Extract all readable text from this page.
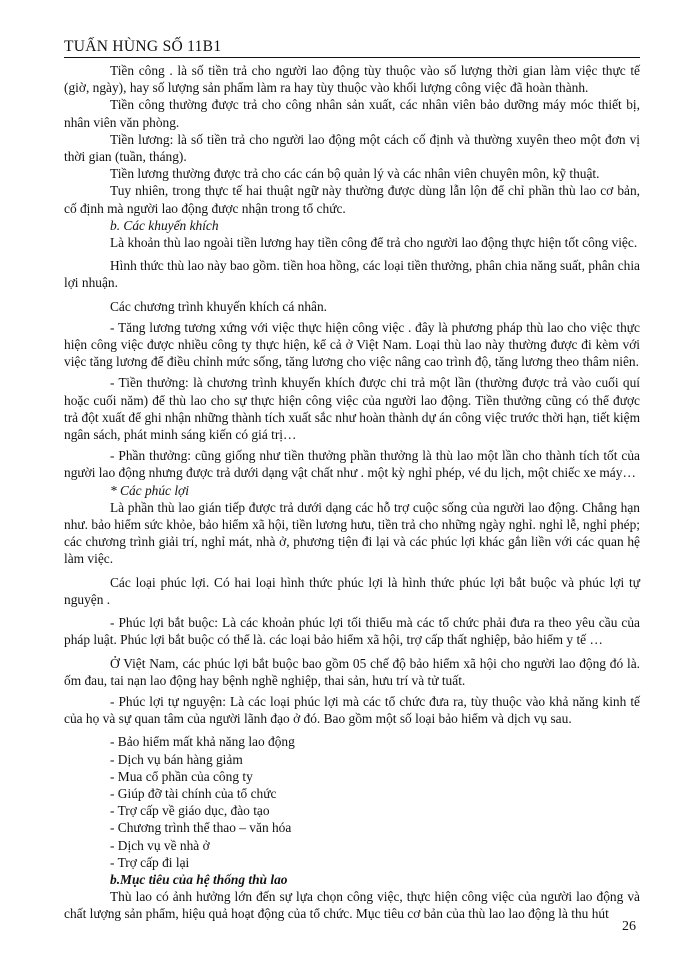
TUẤN HÙNG SỐ 11B1

Tiền công . là số tiền trả cho người lao động tùy thuộc vào số lượng thời gian làm việc thực tế (giờ, ngày), hay số lượng sản phẩm làm ra hay tùy thuộc vào khối lượng công việc đã hoàn thành.

Tiền công thường được trả cho công nhân sản xuất, các nhân viên bảo dưỡng máy móc thiết bị, nhân viên văn phòng.

Tiền lương: là số tiền trả cho người lao động một cách cố định và thường xuyên theo một đơn vị thời gian (tuần, tháng).

Tiền lương thường được trả cho các cán bộ quản lý và các nhân viên chuyên môn, kỹ thuật.

Tuy nhiên, trong thực tế hai thuật ngữ này thường được dùng lẫn lộn để chỉ phần thù lao cơ bản, cố định mà người lao động được nhận trong tổ chức.

b. Các khuyến khích

Là khoản thù lao ngoài tiền lương hay tiền công để trả cho người lao động thực hiện tốt công việc.

Hình thức thù lao này bao gồm. tiền hoa hồng, các loại tiền thưởng, phân chia năng suất, phân chia lợi nhuận.

Các chương trình khuyến khích cá nhân.

- Tăng lương tương xứng với việc thực hiện công việc . đây là phương pháp thù lao cho việc thực hiện công việc được nhiều công ty thực hiện, kể cả ở Việt Nam. Loại thù lao này thường được đi kèm với việc tăng lương để điều chỉnh mức sống, tăng lương cho việc nâng cao trình độ, tăng lương theo thâm niên.

- Tiền thưởng: là chương trình khuyến khích được chi trả một lần (thường được trả vào cuối quí hoặc cuối năm) để thù lao cho sự thực hiện công việc của người lao động. Tiền thưởng cũng có thể được trả đột xuất để ghi nhận những thành tích xuất sắc như hoàn thành dự án công việc trước thời hạn, tiết kiệm ngân sách, phát minh sáng kiến có giá trị…

- Phần thưởng: cũng giống như tiền thưởng phần thưởng là thù lao một lần cho thành tích tốt của người lao động nhưng được trả dưới dạng vật chất như . một kỳ nghỉ phép, vé du lịch, một chiếc xe máy…

* Các phúc lợi

Là phần thù lao gián tiếp được trả dưới dạng các hỗ trợ cuộc sống của người lao động. Chẳng hạn như. bảo hiểm sức khỏe, bảo hiểm xã hội, tiền lương hưu, tiền trả cho những ngày nghỉ. nghỉ lễ, nghỉ phép; các chương trình giải trí, nghỉ mát, nhà ở, phương tiện đi lại và các phúc lợi khác gắn liền với các quan hệ làm việc.

Các loại phúc lợi. Có hai loại hình thức phúc lợi là hình thức phúc lợi bắt buộc và phúc lợi tự nguyện .

- Phúc lợi bắt buộc: Là các khoản phúc lợi tối thiểu mà các tổ chức phải đưa ra theo yêu cầu của pháp luật. Phúc lợi bắt buộc có thể là. các loại bảo hiểm xã hội, trợ cấp thất nghiệp, bảo hiểm y tế …

Ở Việt Nam, các phúc lợi bắt buộc bao gồm 05 chế độ bảo hiểm xã hội cho người lao động đó là. ốm đau, tai nạn lao động hay bệnh nghề nghiệp, thai sản, hưu trí và tử tuất.

- Phúc lợi tự nguyện: Là các loại phúc lợi mà các tổ chức đưa ra, tùy thuộc vào khả năng kinh tế của họ và sự quan tâm của người lãnh đạo ở đó. Bao gồm một số loại bảo hiểm và dịch vụ sau.

- Bảo hiểm mất khả năng lao động

- Dịch vụ bán hàng giảm

- Mua cổ phần của công ty

- Giúp đỡ tài chính của tổ chức

- Trợ cấp về giáo dục, đào tạo

- Chương trình thể thao – văn hóa

- Dịch vụ về nhà ở

- Trợ cấp đi lại

b.Mục tiêu của hệ thống thù lao

Thù lao có ảnh hưởng lớn đến sự lựa chọn công việc, thực hiện công việc của người lao động và chất lượng sản phẩm, hiệu quả hoạt động của tổ chức. Mục tiêu cơ bản của thù lao lao động là thu hút

26
